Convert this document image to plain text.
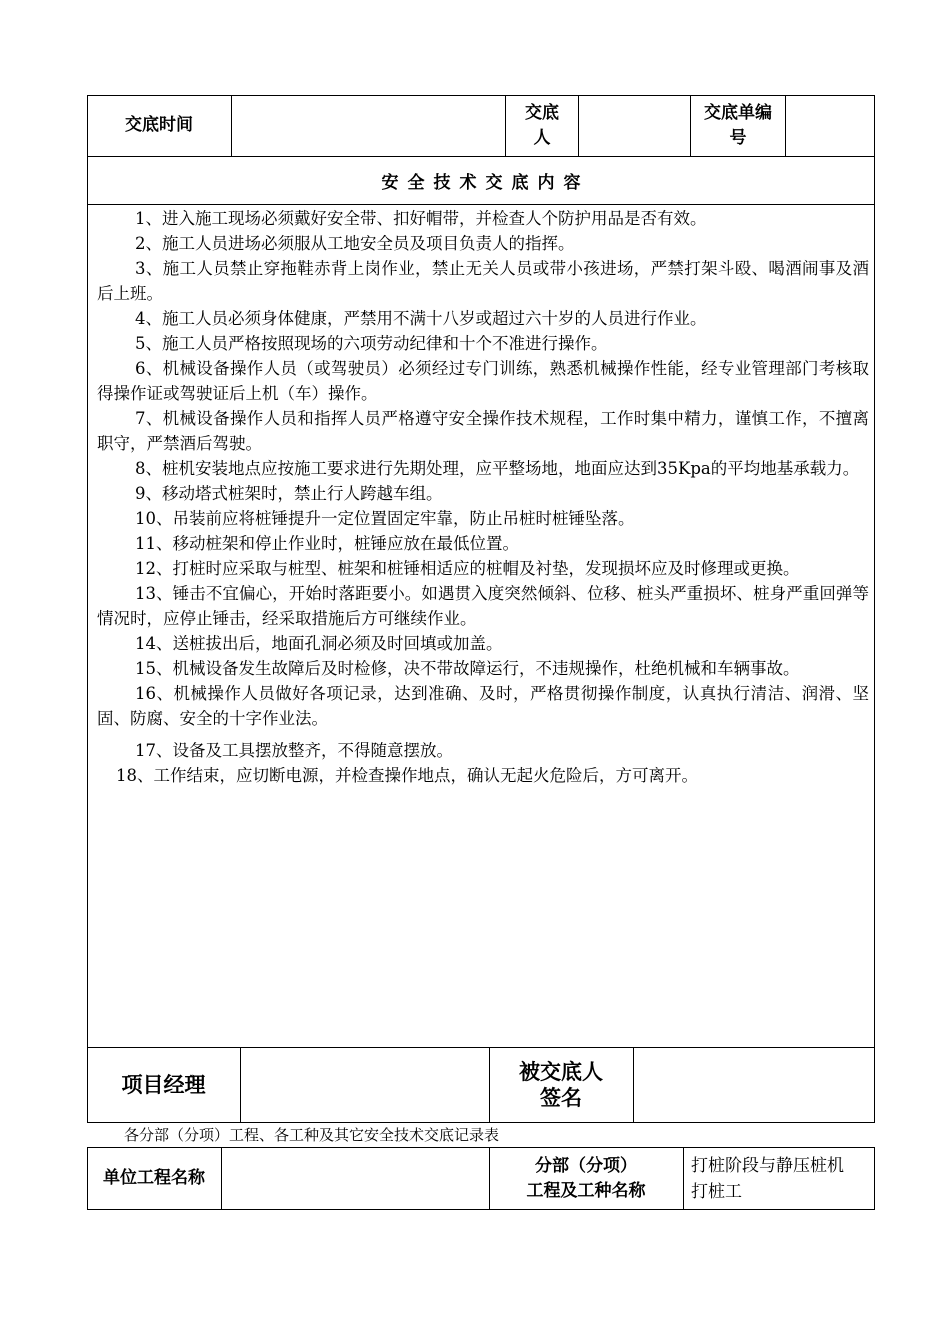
交底时间
交底人
交底单编号
安全技术交底内容

1、进入施工现场必须戴好安全带、扣好帽带，并检查人个防护用品是否有效。

2、施工人员进场必须服从工地安全员及项目负责人的指挥。

3、施工人员禁止穿拖鞋赤背上岗作业，禁止无关人员或带小孩进场，严禁打架斗殴、喝酒闹事及酒后上班。

4、施工人员必须身体健康，严禁用不满十八岁或超过六十岁的人员进行作业。

5、施工人员严格按照现场的六项劳动纪律和十个不准进行操作。

6、机械设备操作人员（或驾驶员）必须经过专门训练，熟悉机械操作性能，经专业管理部门考核取得操作证或驾驶证后上机（车）操作。

7、机械设备操作人员和指挥人员严格遵守安全操作技术规程，工作时集中精力，谨慎工作，不擅离职守，严禁酒后驾驶。

8、桩机安装地点应按施工要求进行先期处理，应平整场地，地面应达到35Kpa的平均地基承载力。

9、移动塔式桩架时，禁止行人跨越车组。

10、吊装前应将桩锤提升一定位置固定牢靠，防止吊桩时桩锤坠落。

11、移动桩架和停止作业时，桩锤应放在最低位置。

12、打桩时应采取与桩型、桩架和桩锤相适应的桩帽及衬垫，发现损坏应及时修理或更换。

13、锤击不宜偏心，开始时落距要小。如遇贯入度突然倾斜、位移、桩头严重损坏、桩身严重回弹等情况时，应停止锤击，经采取措施后方可继续作业。

14、送桩拔出后，地面孔洞必须及时回填或加盖。

15、机械设备发生故障后及时检修，决不带故障运行，不违规操作，杜绝机械和车辆事故。

16、机械操作人员做好各项记录，达到准确、及时，严格贯彻操作制度，认真执行清洁、润滑、坚固、防腐、安全的十字作业法。

17、设备及工具摆放整齐，不得随意摆放。

18、工作结束，应切断电源，并检查操作地点，确认无起火危险后，方可离开。

项目经理
被交底人签名
各分部（分项）工程、各工种及其它安全技术交底记录表
单位工程名称
分部（分项）
工程及工种名称
打桩阶段与静压桩机
打桩工
